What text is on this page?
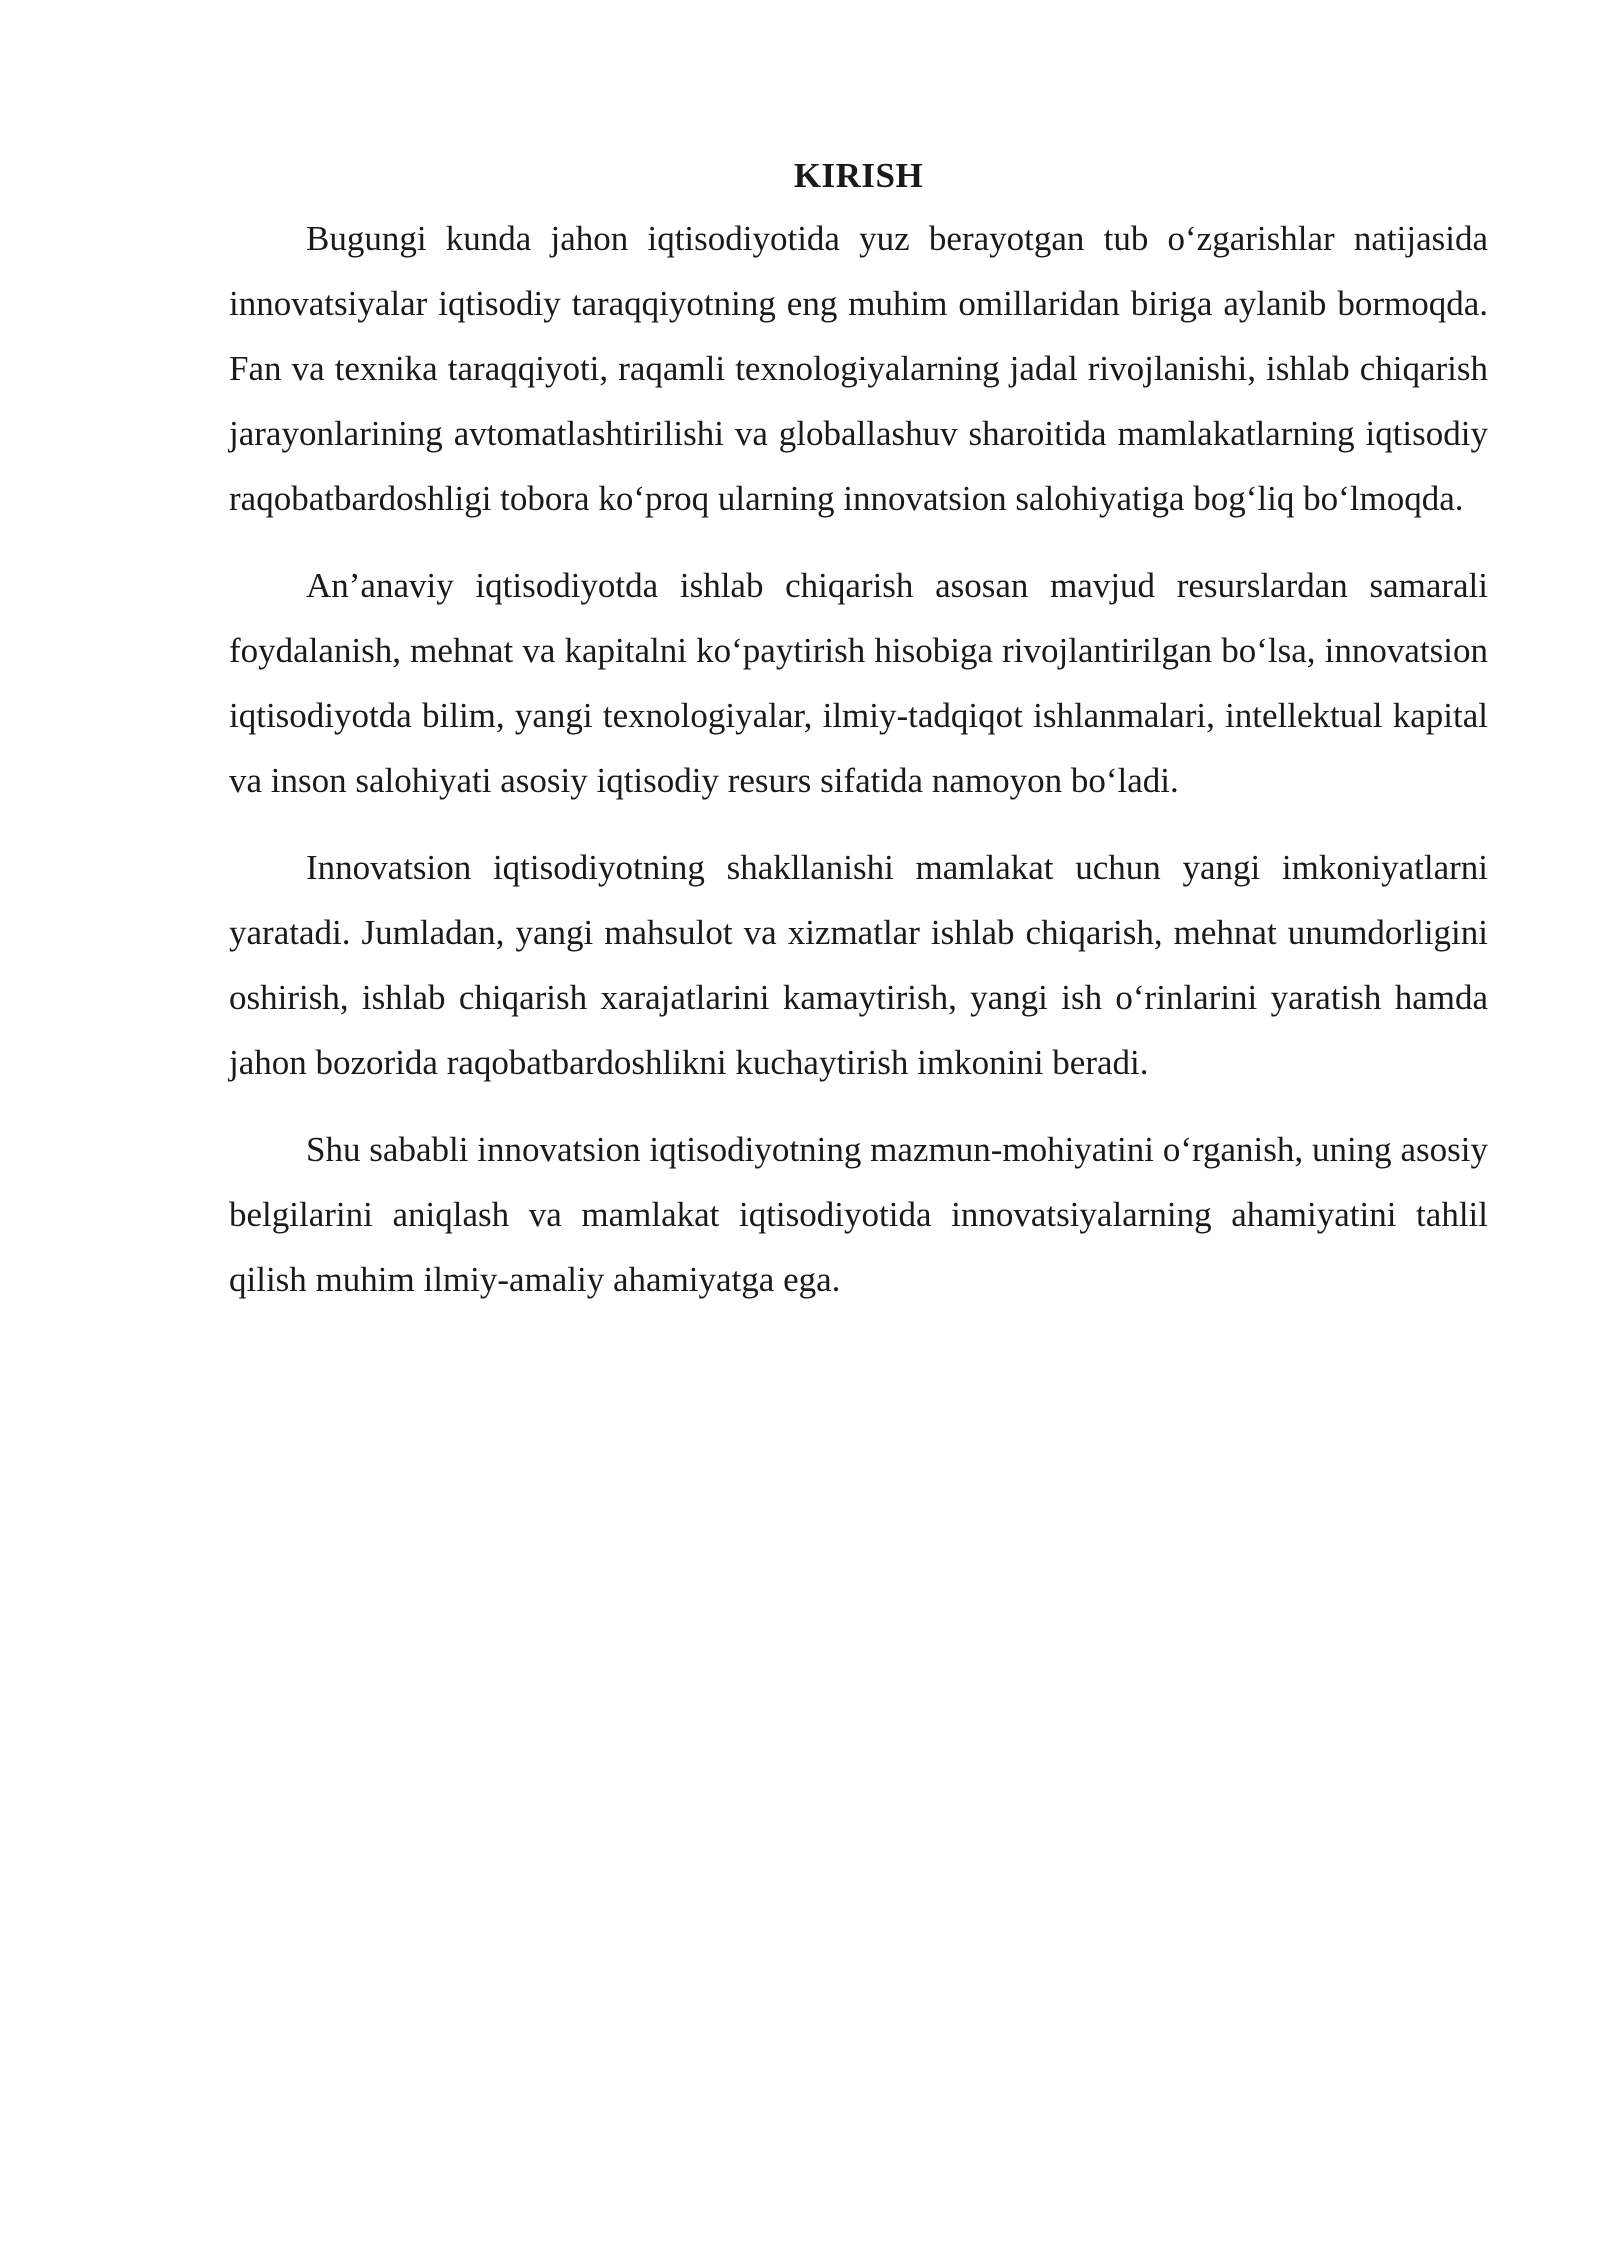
KIRISH

Bugungi kunda jahon iqtisodiyotida yuz berayotgan tub o‘zgarishlar natijasida innovatsiyalar iqtisodiy taraqqiyotning eng muhim omillaridan biriga aylanib bormoqda. Fan va texnika taraqqiyoti, raqamli texnologiyalarning jadal rivojlanishi, ishlab chiqarish jarayonlarining avtomatlashtirilishi va globallashuv sharoitida mamlakatlarning iqtisodiy raqobatbardoshligi tobora ko‘proq ularning innovatsion salohiyatiga bog‘liq bo‘lmoqda.

An’anaviy iqtisodiyotda ishlab chiqarish asosan mavjud resurslardan samarali foydalanish, mehnat va kapitalni ko‘paytirish hisobiga rivojlantirilgan bo‘lsa, innovatsion iqtisodiyotda bilim, yangi texnologiyalar, ilmiy-tadqiqot ishlanmalari, intellektual kapital va inson salohiyati asosiy iqtisodiy resurs sifatida namoyon bo‘ladi.

Innovatsion iqtisodiyotning shakllanishi mamlakat uchun yangi imkoniyatlarni yaratadi. Jumladan, yangi mahsulot va xizmatlar ishlab chiqarish, mehnat unumdorligini oshirish, ishlab chiqarish xarajatlarini kamaytirish, yangi ish o‘rinlarini yaratish hamda jahon bozorida raqobatbardoshlikni kuchaytirish imkonini beradi.

Shu sababli innovatsion iqtisodiyotning mazmun-mohiyatini o‘rganish, uning asosiy belgilarini aniqlash va mamlakat iqtisodiyotida innovatsiyalarning ahamiyatini tahlil qilish muhim ilmiy-amaliy ahamiyatga ega.
